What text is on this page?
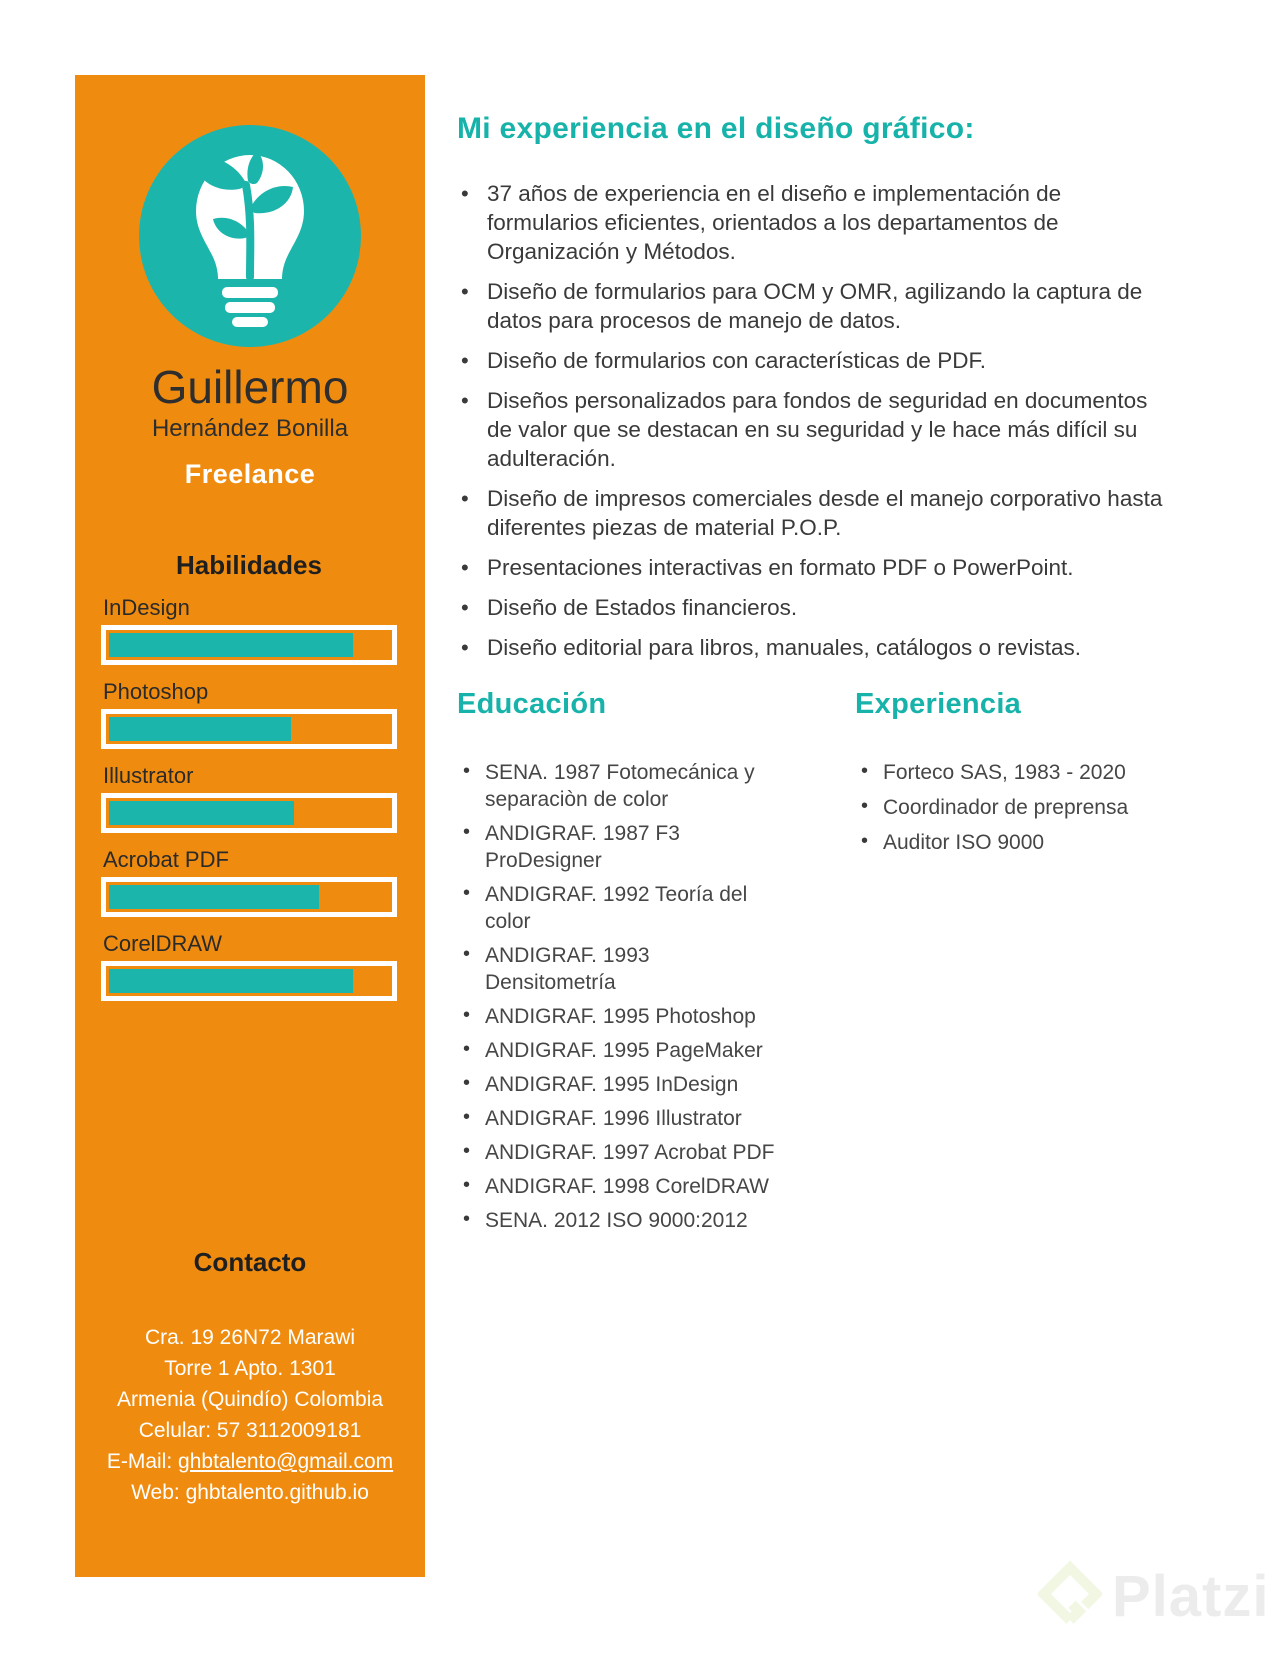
Guillermo
Hernández Bonilla
Freelance
Habilidades
InDesign
Photoshop
Illustrator
Acrobat PDF
CorelDRAW
Contacto
Cra. 19 26N72 Marawi
Torre 1 Apto. 1301
Armenia (Quindío) Colombia
Celular: 57 3112009181
E-Mail: ghbtalento@gmail.com
Web: ghbtalento.github.io
Mi experiencia en el diseño gráfico:
• 37 años de experiencia en el diseño e implementación de formularios eficientes, orientados a los departamentos de Organización y Métodos.
• Diseño de formularios para OCM y OMR, agilizando la captura de datos para procesos de manejo de datos.
• Diseño de formularios con características de PDF.
• Diseños personalizados para fondos de seguridad en documentos de valor que se destacan en su seguridad y le hace más difícil su adulteración.
• Diseño de impresos comerciales desde el manejo corporativo hasta diferentes piezas de material P.O.P.
• Presentaciones interactivas en formato PDF o PowerPoint.
• Diseño de Estados financieros.
• Diseño editorial para libros, manuales, catálogos o revistas.
Educación
• SENA. 1987 Fotomecánica y separaciòn de color
• ANDIGRAF. 1987 F3 ProDesigner
• ANDIGRAF. 1992 Teoría del color
• ANDIGRAF. 1993 Densitometría
• ANDIGRAF. 1995 Photoshop
• ANDIGRAF. 1995 PageMaker
• ANDIGRAF. 1995 InDesign
• ANDIGRAF. 1996 Illustrator
• ANDIGRAF. 1997 Acrobat PDF
• ANDIGRAF. 1998 CorelDRAW
• SENA. 2012 ISO 9000:2012
Experiencia
• Forteco SAS, 1983 - 2020
• Coordinador de preprensa
• Auditor ISO 9000
Platzi
